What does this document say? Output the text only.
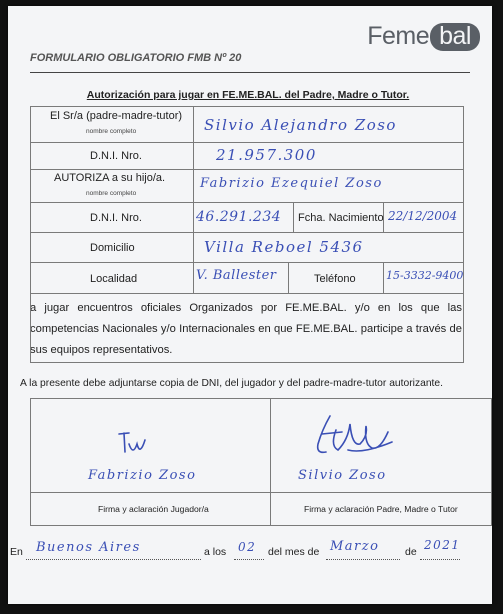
Feme bal
FORMULARIO OBLIGATORIO FMB Nº 20
Autorización para jugar en FE.ME.BAL. del Padre, Madre o Tutor.
El Sr/a (padre-madre-tutor)
nombre completo	Silvio Alejandro Zoso
D.N.I. Nro.	21.957.300
AUTORIZA a su hijo/a.
nombre completo
Fabrizio Ezequiel Zoso
D.N.I. Nro.	46.291.234 Fcha. Nacimiento 22/12/2004
Domicilio	Villa Reboel 5436
Localidad	V. Ballester	Teléfono	15-3332-9400
a jugar encuentros oficiales Organizados por FE.ME.BAL. y/o en los que las competencias Nacionales y/o Internacionales en que FE.ME.BAL. participe a través de sus equipos representativos.
A la presente debe adjuntarse copia de DNI, del jugador y del padre-madre-tutor autorizante.
Fabrizio Zoso
Firma y aclaración Jugador/a
Silvio Zoso
Firma y aclaración Padre, Madre o Tutor
En Buenos Aires	a los 02 del mes de Marzo de 2021
